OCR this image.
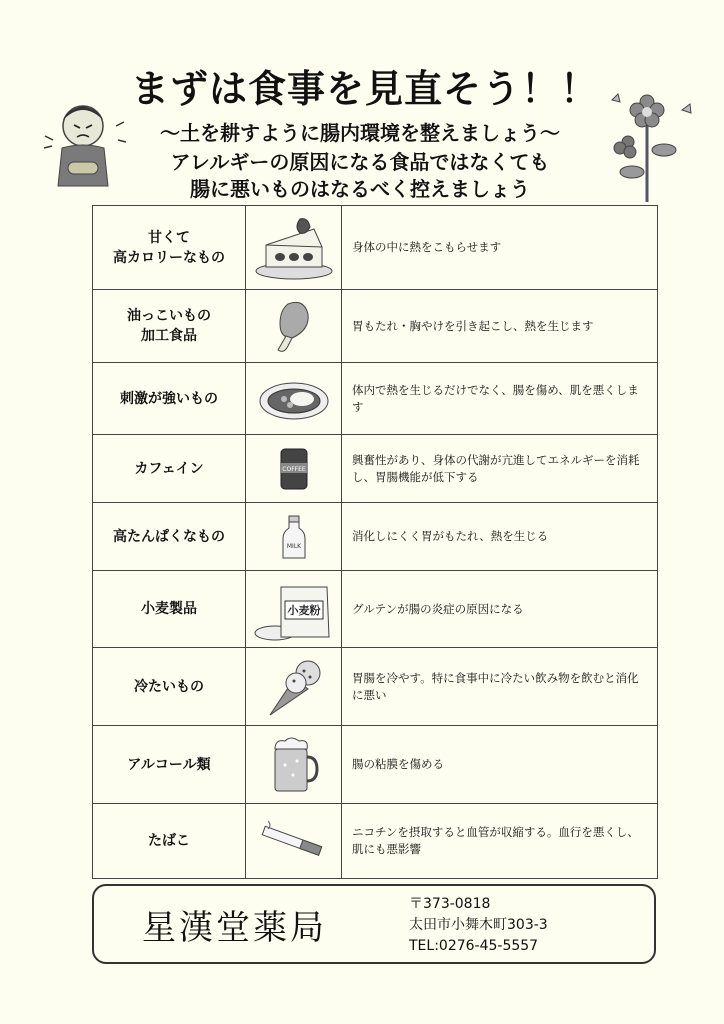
まずは食事を見直そう！！
～土を耕すように腸内環境を整えましょう～
アレルギーの原因になる食品ではなくても
腸に悪いものはなるべく控えましょう
甘くて
高カロリーなもの		身体の中に熱をこもらせます

油っこいもの
加工食品		胃もたれ・胸やけを引き起こし、熱を生じます

刺激が強いもの		体内で熱を生じるだけでなく、腸を傷め、肌を悪くします

カフェイン	COFFEE	興奮性があり、身体の代謝が亢進してエネルギーを消耗し、胃腸機能が低下する

高たんぱくなもの	MILK	消化しにくく胃がもたれ、熱を生じる

小麦製品	小麦粉	グルテンが腸の炎症の原因になる

冷たいもの		胃腸を冷やす。特に食事中に冷たい飲み物を飲むと消化に悪い

アルコール類		腸の粘膜を傷める

たばこ		ニコチンを摂取すると血管が収縮する。血行を悪くし、肌にも悪影響
星漢堂薬局
〒373-0818
太田市小舞木町303-3
TEL:0276-45-5557
